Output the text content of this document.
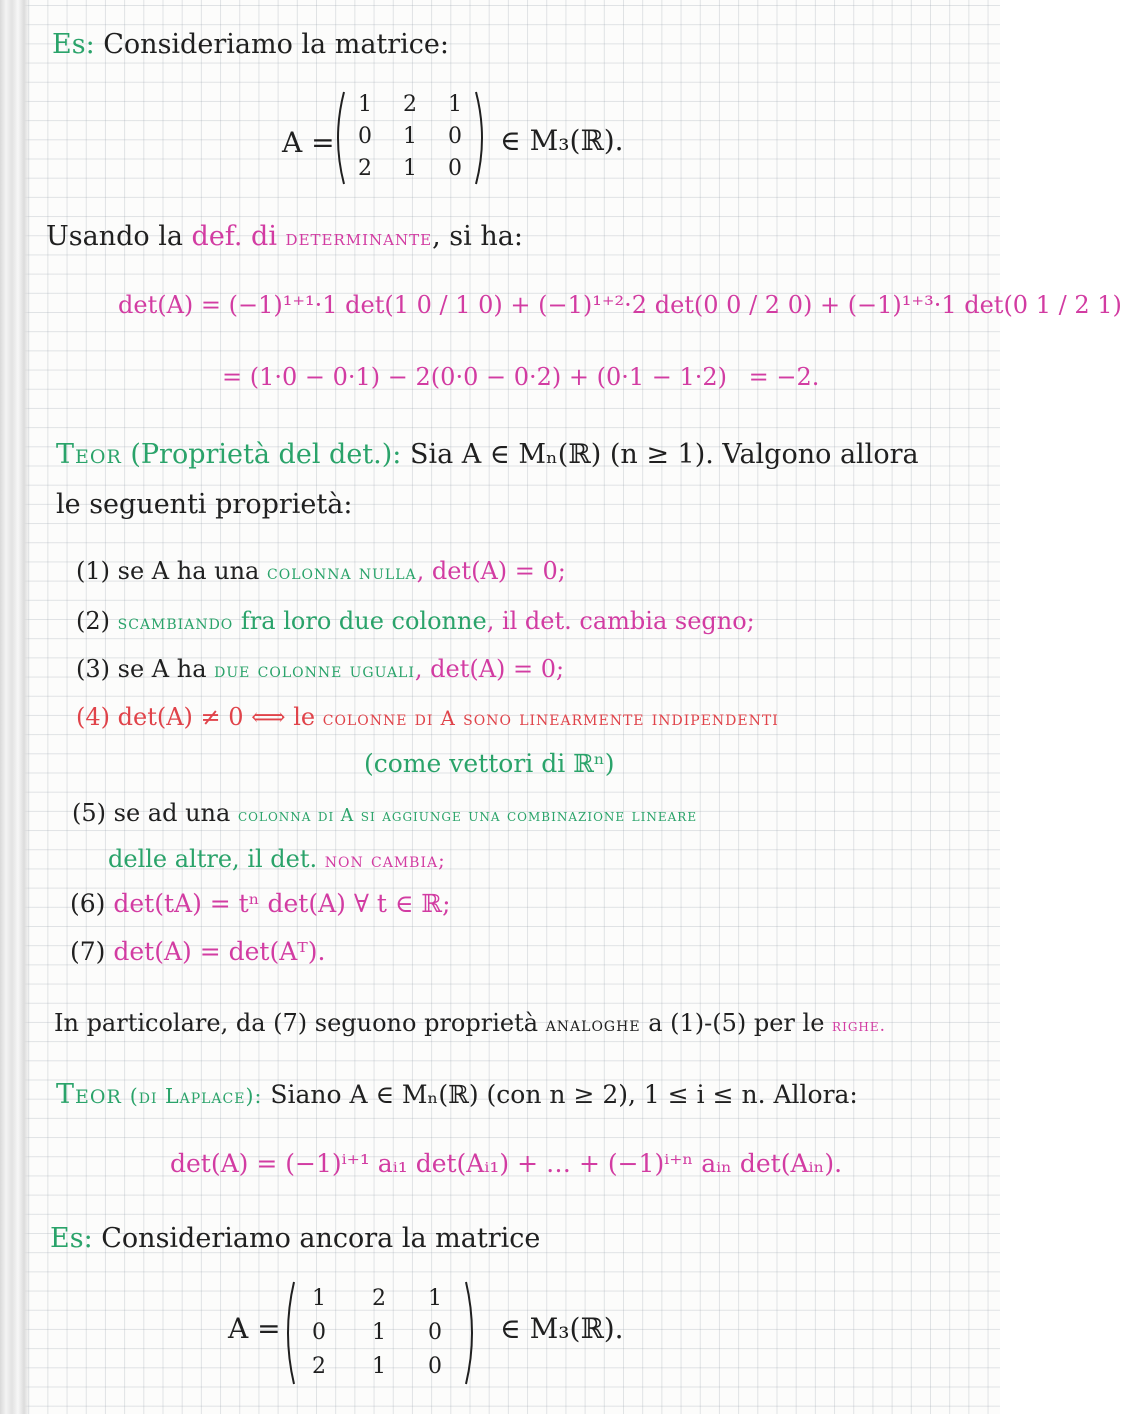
Es: Consideriamo la matrice:
A =
1	2	1
0	1	0
2	1	0
∈ M₃(ℝ).
Usando la def. di determinante, si ha:
det(A) = (−1)¹⁺¹·1 det(1 0 / 1 0) + (−1)¹⁺²·2 det(0 0 / 2 0) + (−1)¹⁺³·1 det(0 1 / 2 1)
= (1·0 − 0·1) − 2(0·0 − 0·2) + (0·1 − 1·2) = −2.
Teor (Proprietà del det.): Sia A ∈ Mₙ(ℝ) (n ≥ 1). Valgono allora
le seguenti proprietà:
(1) se A ha una colonna nulla, det(A) = 0;
(2) scambiando fra loro due colonne, il det. cambia segno;
(3) se A ha due colonne uguali, det(A) = 0;
(4) det(A) ≠ 0 ⟺ le colonne di A sono linearmente indipendenti
(come vettori di ℝⁿ)
(5) se ad una colonna di A si aggiunge una combinazione lineare
delle altre, il det. non cambia;
(6) det(tA) = tⁿ det(A) ∀ t ∈ ℝ;
(7) det(A) = det(Aᵀ).
In particolare, da (7) seguono proprietà analoghe a (1)-(5) per le righe.
Teor (di Laplace): Siano A ∈ Mₙ(ℝ) (con n ≥ 2), 1 ≤ i ≤ n. Allora:
det(A) = (−1)ⁱ⁺¹ aᵢ₁ det(Aᵢ₁) + … + (−1)ⁱ⁺ⁿ aᵢₙ det(Aᵢₙ).
Es: Consideriamo ancora la matrice
A =
1	2	1
0	1	0
2	1	0
∈ M₃(ℝ).
